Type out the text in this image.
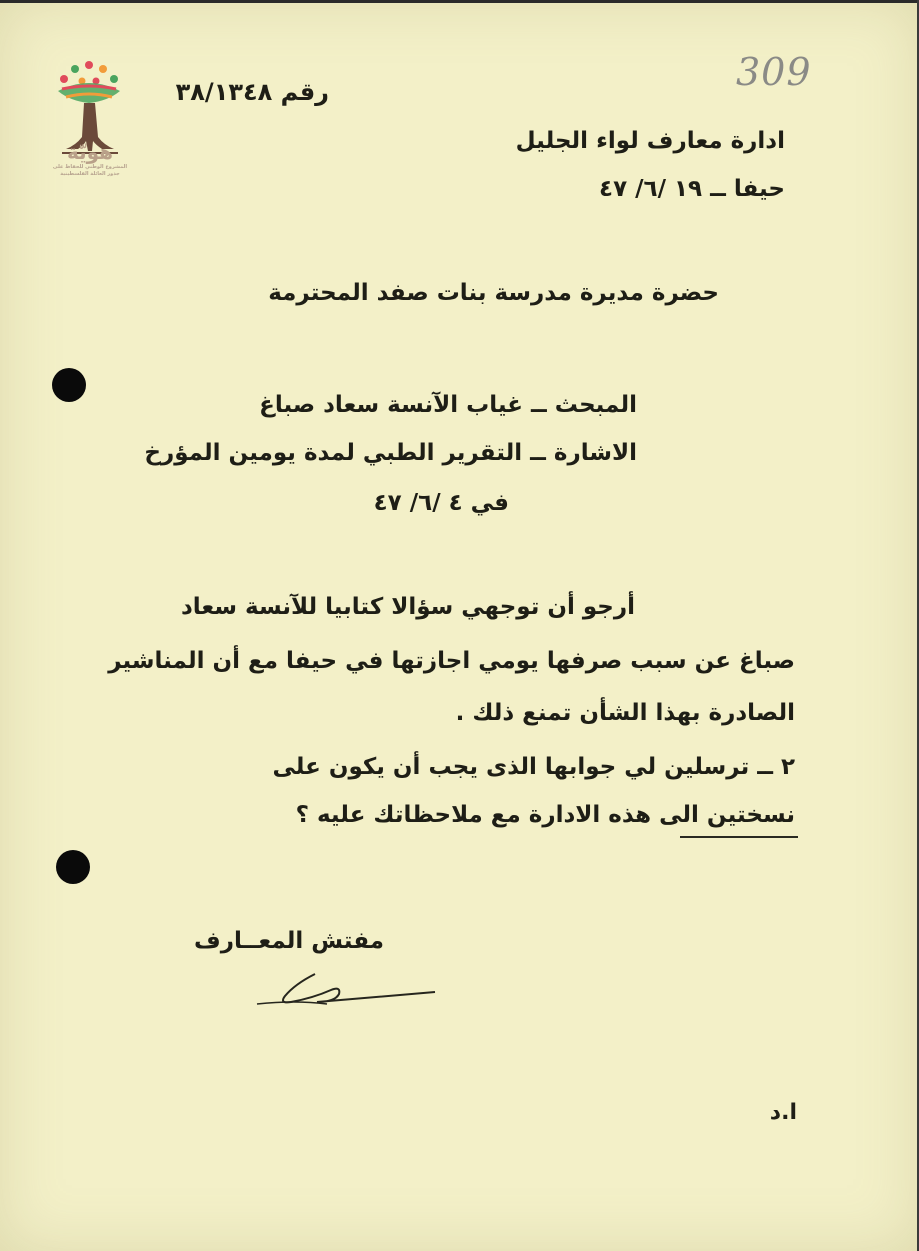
هويّة
المشروع الوطني للحفاظ على
جذور العائلة الفلسطينية
309
رقم ٣٨/١٣٤٨
ادارة معارف لواء الجليل
حيفا ــ ١٩ /٦/ ٤٧
حضرة مديرة مدرسة بنات صفد المحترمة
المبحث ــ غياب الآنسة سعاد صباغ
الاشارة ــ التقرير الطبي لمدة يومين المؤرخ
في ٤ /٦/ ٤٧
أرجو أن توجهي سؤالا كتابيا للآنسة سعاد
صباغ عن سبب صرفها يومي اجازتها في حيفا مع أن المناشير
الصادرة بهذا الشأن تمنع ذلك .
٢ ــ ترسلين لي جوابها الذى يجب أن يكون على
نسختين الى هذه الادارة مع ملاحظاتك عليه ؟
مفتش المعــارف
ا.د
